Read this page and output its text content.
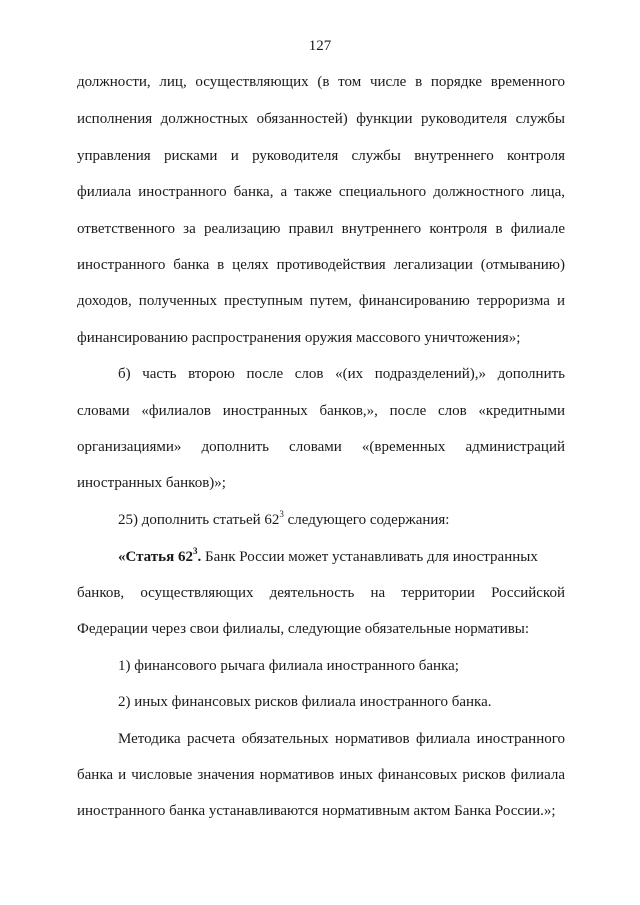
127
должности, лиц, осуществляющих (в том числе в порядке временного
исполнения должностных обязанностей) функции руководителя службы
управления рисками и руководителя службы внутреннего контроля
филиала иностранного банка, а также специального должностного лица,
ответственного за реализацию правил внутреннего контроля в филиале
иностранного банка в целях противодействия легализации (отмыванию)
доходов, полученных преступным путем, финансированию терроризма и
финансированию распространения оружия массового уничтожения»;
б) часть второю после слов «(их подразделений),» дополнить
словами «филиалов иностранных банков,», после слов «кредитными
организациями» дополнить словами «(временных администраций
иностранных банков)»;
25) дополнить статьей $62^3$ следующего содержания:
«Статья $62^3$. Банк России может устанавливать для иностранных
банков, осуществляющих деятельность на территории Российской
Федерации через свои филиалы, следующие обязательные нормативы:
1) финансового рычага филиала иностранного банка;
2) иных финансовых рисков филиала иностранного банка.
Методика расчета обязательных нормативов филиала иностранного
банка и числовые значения нормативов иных финансовых рисков филиала
иностранного банка устанавливаются нормативным актом Банка России.»;
